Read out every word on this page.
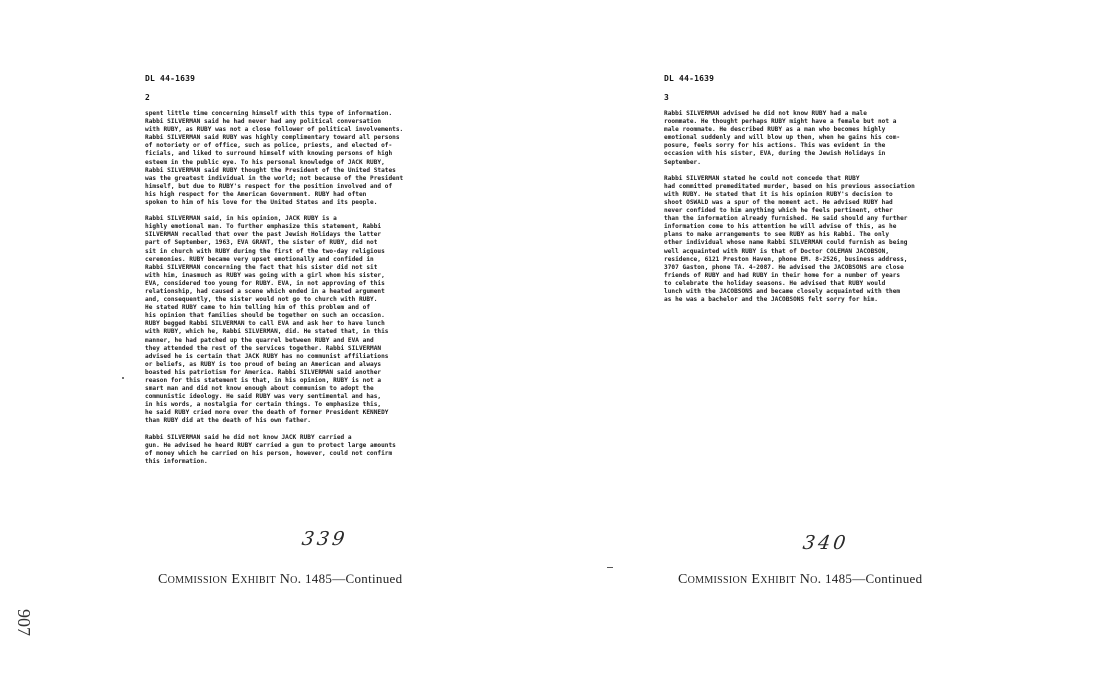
DL 44-1639
2

spent little time concerning himself with this type of information.
Rabbi SILVERMAN said he had never had any political conversation
with RUBY, as RUBY was not a close follower of political involvements.
Rabbi SILVERMAN said RUBY was highly complimentary toward all persons
of notoriety or of office, such as police, priests, and elected of-
ficials, and liked to surround himself with knowing persons of high
esteem in the public eye. To his personal knowledge of JACK RUBY,
Rabbi SILVERMAN said RUBY thought the President of the United States
was the greatest individual in the world; not because of the President
himself, but due to RUBY's respect for the position involved and of
his high respect for the American Government. RUBY had often
spoken to him of his love for the United States and its people.

Rabbi SILVERMAN said, in his opinion, JACK RUBY is a
highly emotional man. To further emphasize this statement, Rabbi
SILVERMAN recalled that over the past Jewish Holidays the latter
part of September, 1963, EVA GRANT, the sister of RUBY, did not
sit in church with RUBY during the first of the two-day religious
ceremonies. RUBY became very upset emotionally and confided in
Rabbi SILVERMAN concerning the fact that his sister did not sit
with him, inasmuch as RUBY was going with a girl whom his sister,
EVA, considered too young for RUBY. EVA, in not approving of this
relationship, had caused a scene which ended in a heated argument
and, consequently, the sister would not go to church with RUBY.
He stated RUBY came to him telling him of this problem and of
his opinion that families should be together on such an occasion.
RUBY begged Rabbi SILVERMAN to call EVA and ask her to have lunch
with RUBY, which he, Rabbi SILVERMAN, did. He stated that, in this
manner, he had patched up the quarrel between RUBY and EVA and
they attended the rest of the services together. Rabbi SILVERMAN
advised he is certain that JACK RUBY has no communist affiliations
or beliefs, as RUBY is too proud of being an American and always
boasted his patriotism for America. Rabbi SILVERMAN said another
reason for this statement is that, in his opinion, RUBY is not a
smart man and did not know enough about communism to adopt the
communistic ideology. He said RUBY was very sentimental and has,
in his words, a nostalgia for certain things. To emphasize this,
he said RUBY cried more over the death of former President KENNEDY
than RUBY did at the death of his own father.

Rabbi SILVERMAN said he did not know JACK RUBY carried a
gun. He advised he heard RUBY carried a gun to protect large amounts
of money which he carried on his person, however, could not confirm
this information.

339
Commission Exhibit No. 1485—Continued
DL 44-1639
3

Rabbi SILVERMAN advised he did not know RUBY had a male
roommate. He thought perhaps RUBY might have a female but not a
male roommate. He described RUBY as a man who becomes highly
emotional suddenly and will blow up then, when he gains his com-
posure, feels sorry for his actions. This was evident in the
occasion with his sister, EVA, during the Jewish Holidays in
September.

Rabbi SILVERMAN stated he could not concede that RUBY
had committed premeditated murder, based on his previous association
with RUBY. He stated that it is his opinion RUBY's decision to
shoot OSWALD was a spur of the moment act. He advised RUBY had
never confided to him anything which he feels pertinent, other
than the information already furnished. He said should any further
information come to his attention he will advise of this, as he
plans to make arrangements to see RUBY as his Rabbi. The only
other individual whose name Rabbi SILVERMAN could furnish as being
well acquainted with RUBY is that of Doctor COLEMAN JACOBSON,
residence, 6121 Preston Haven, phone EM. 8-2526, business address,
3707 Gaston, phone TA. 4-2087. He advised the JACOBSONS are close
friends of RUBY and had RUBY in their home for a number of years
to celebrate the holiday seasons. He advised that RUBY would
lunch with the JACOBSONS and became closely acquainted with them
as he was a bachelor and the JACOBSONS felt sorry for him.

340
Commission Exhibit No. 1485—Continued
907
